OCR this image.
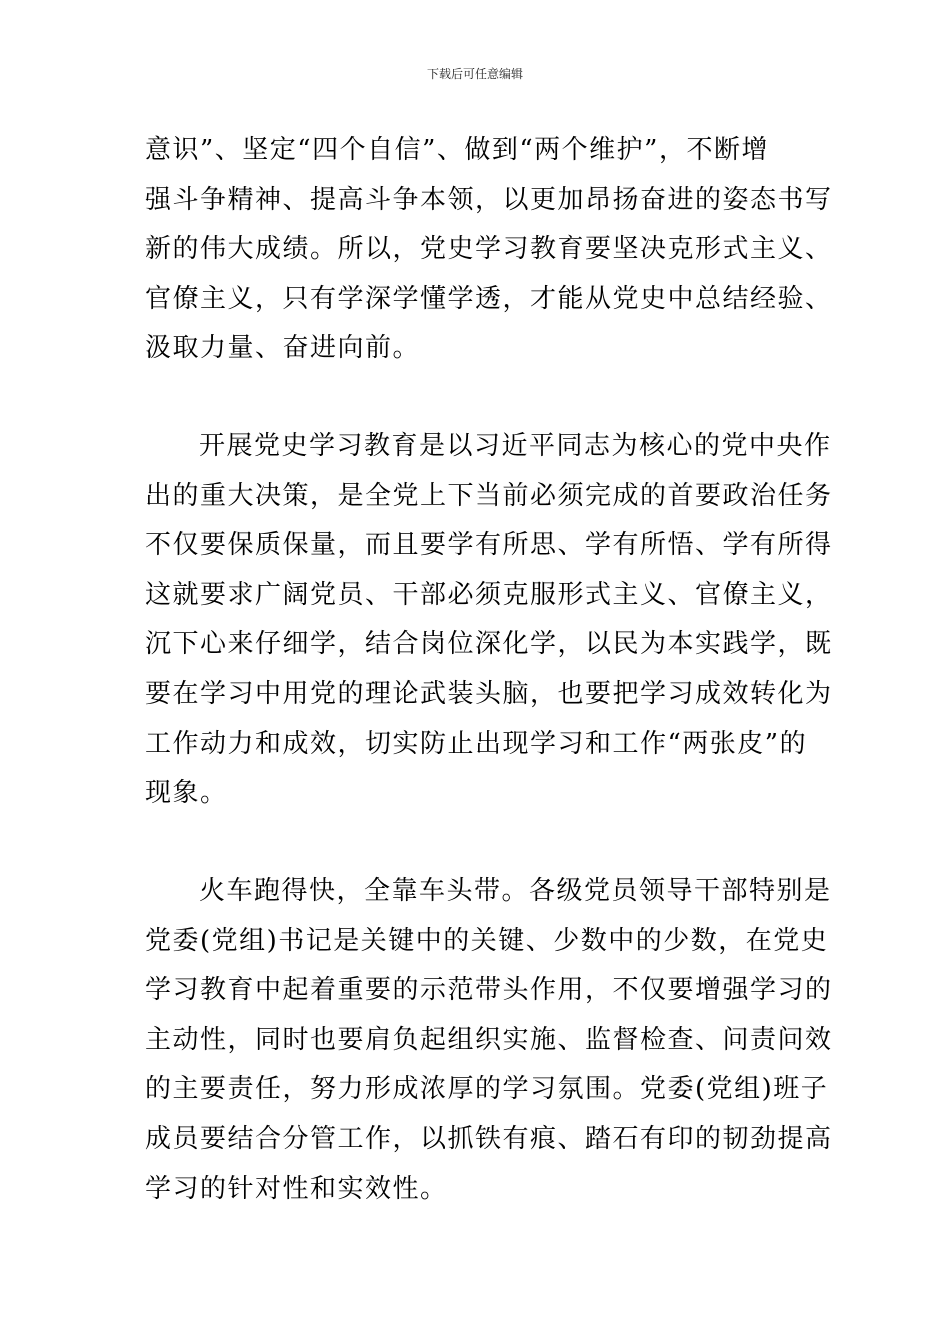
下载后可任意编辑
意识”、坚定“四个自信”、做到“两个维护”，不断增
强斗争精神、提高斗争本领，以更加昂扬奋进的姿态书写
新的伟大成绩。所以，党史学习教育要坚决克形式主义、
官僚主义，只有学深学懂学透，才能从党史中总结经验、
汲取力量、奋进向前。
开展党史学习教育是以习近平同志为核心的党中央作
出的重大决策，是全党上下当前必须完成的首要政治任务
不仅要保质保量，而且要学有所思、学有所悟、学有所得
这就要求广阔党员、干部必须克服形式主义、官僚主义，
沉下心来仔细学，结合岗位深化学，以民为本实践学，既
要在学习中用党的理论武装头脑，也要把学习成效转化为
工作动力和成效，切实防止出现学习和工作“两张皮”的
现象。
火车跑得快，全靠车头带。各级党员领导干部特别是
党委(党组)书记是关键中的关键、少数中的少数，在党史
学习教育中起着重要的示范带头作用，不仅要增强学习的
主动性，同时也要肩负起组织实施、监督检查、问责问效
的主要责任，努力形成浓厚的学习氛围。党委(党组)班子
成员要结合分管工作，以抓铁有痕、踏石有印的韧劲提高
学习的针对性和实效性。
